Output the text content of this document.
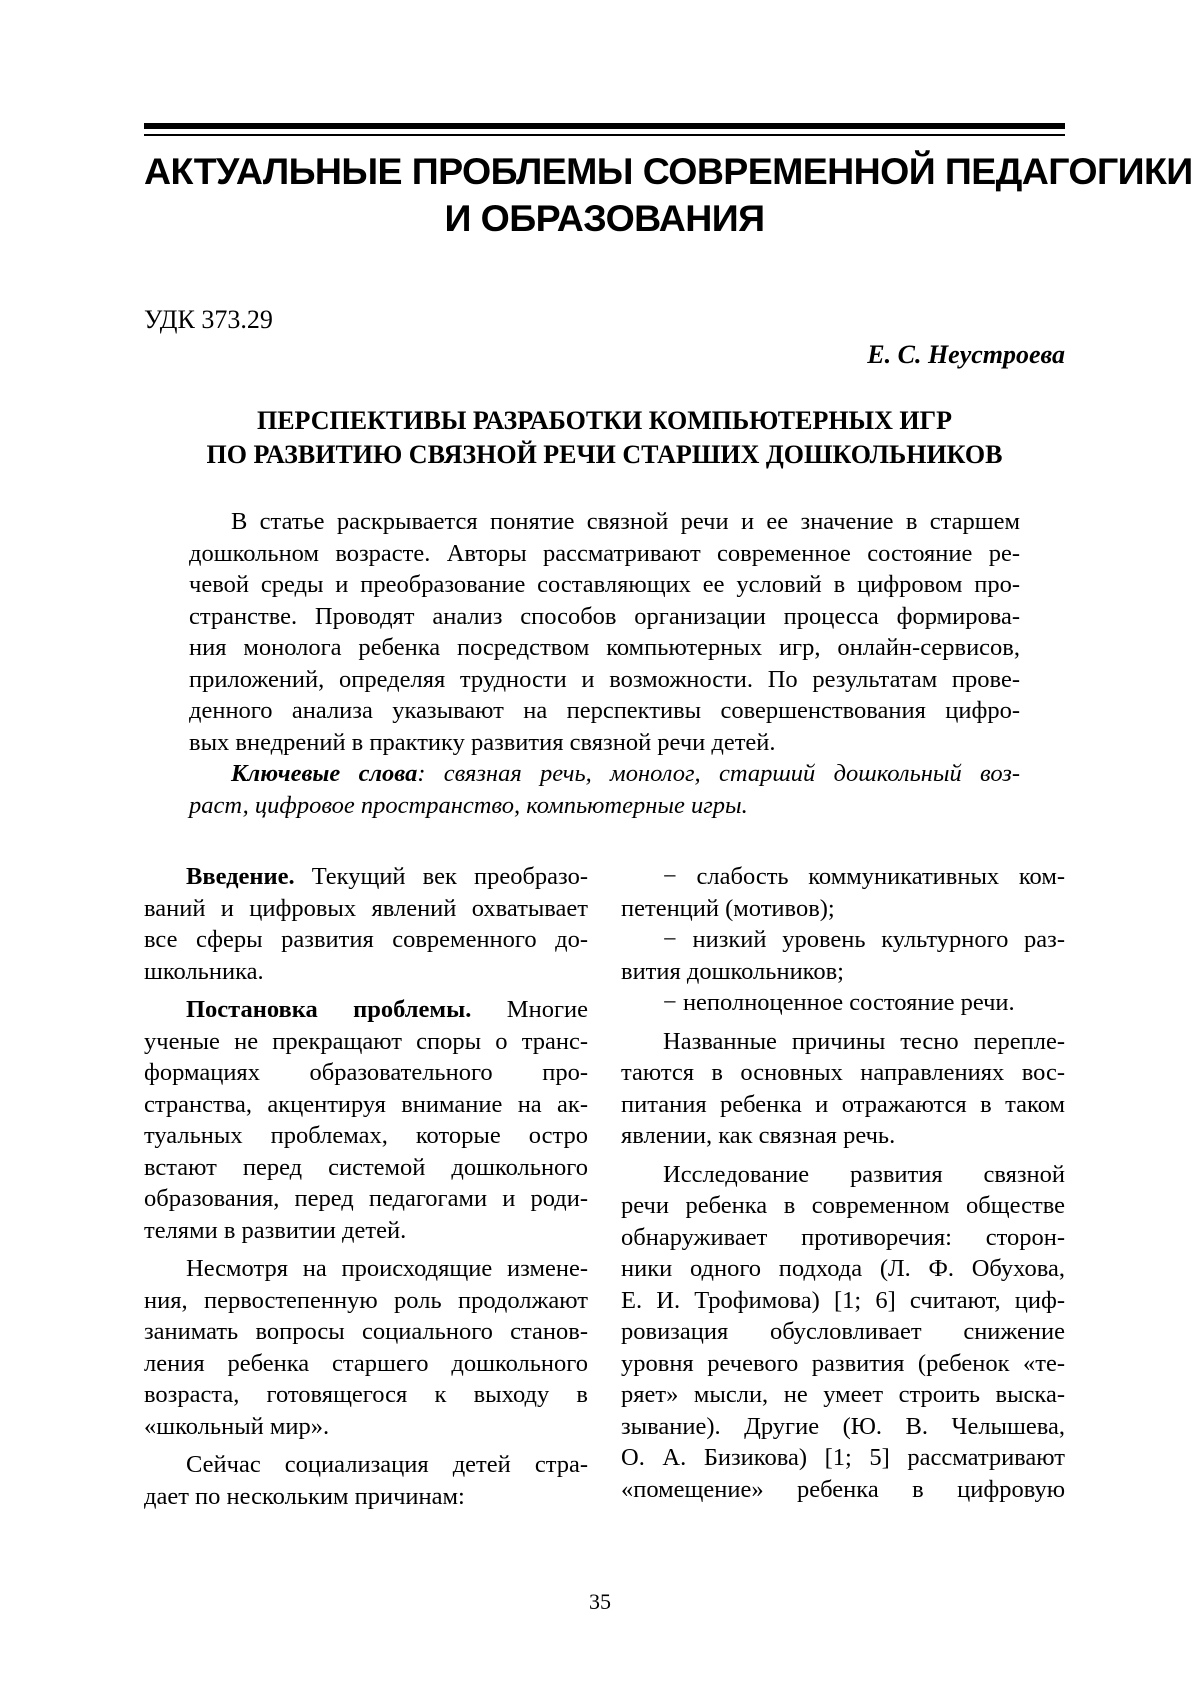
АКТУАЛЬНЫЕ ПРОБЛЕМЫ СОВРЕМЕННОЙ ПЕДАГОГИКИ
И ОБРАЗОВАНИЯ
УДК 373.29
Е. С. Неустроева
ПЕРСПЕКТИВЫ РАЗРАБОТКИ КОМПЬЮТЕРНЫХ ИГР
ПО РАЗВИТИЮ СВЯЗНОЙ РЕЧИ СТАРШИХ ДОШКОЛЬНИКОВ
В статье раскрывается понятие связной речи и ее значение в старшем
дошкольном возрасте. Авторы рассматривают современное состояние ре-
чевой среды и преобразование составляющих ее условий в цифровом про-
странстве. Проводят анализ способов организации процесса формирова-
ния монолога ребенка посредством компьютерных игр, онлайн-сервисов,
приложений, определяя трудности и возможности. По результатам прове-
денного анализа указывают на перспективы совершенствования цифро-
вых внедрений в практику развития связной речи детей.
Ключевые слова: связная речь, монолог, старший дошкольный воз-
раст, цифровое пространство, компьютерные игры.
Введение. Текущий век преобразо-
ваний и цифровых явлений охватывает
все сферы развития современного до-
школьника.
Постановка проблемы. Многие
ученые не прекращают споры о транс-
формациях образовательного про-
странства, акцентируя внимание на ак-
туальных проблемах, которые остро
встают перед системой дошкольного
образования, перед педагогами и роди-
телями в развитии детей.
Несмотря на происходящие измене-
ния, первостепенную роль продолжают
занимать вопросы социального станов-
ления ребенка старшего дошкольного
возраста, готовящегося к выходу в
«школьный мир».
Сейчас социализация детей стра-
дает по нескольким причинам:
− слабость коммуникативных ком-
петенций (мотивов);
− низкий уровень культурного раз-
вития дошкольников;
− неполноценное состояние речи.
Названные причины тесно перепле-
таются в основных направлениях вос-
питания ребенка и отражаются в таком
явлении, как связная речь.
Исследование развития связной
речи ребенка в современном обществе
обнаруживает противоречия: сторон-
ники одного подхода (Л. Ф. Обухова,
Е. И. Трофимова) [1; 6] считают, циф-
ровизация обусловливает снижение
уровня речевого развития (ребенок «те-
ряет» мысли, не умеет строить выска-
зывание). Другие (Ю. В. Челышева,
О. А. Бизикова) [1; 5] рассматривают
«помещение» ребенка в цифровую
35
